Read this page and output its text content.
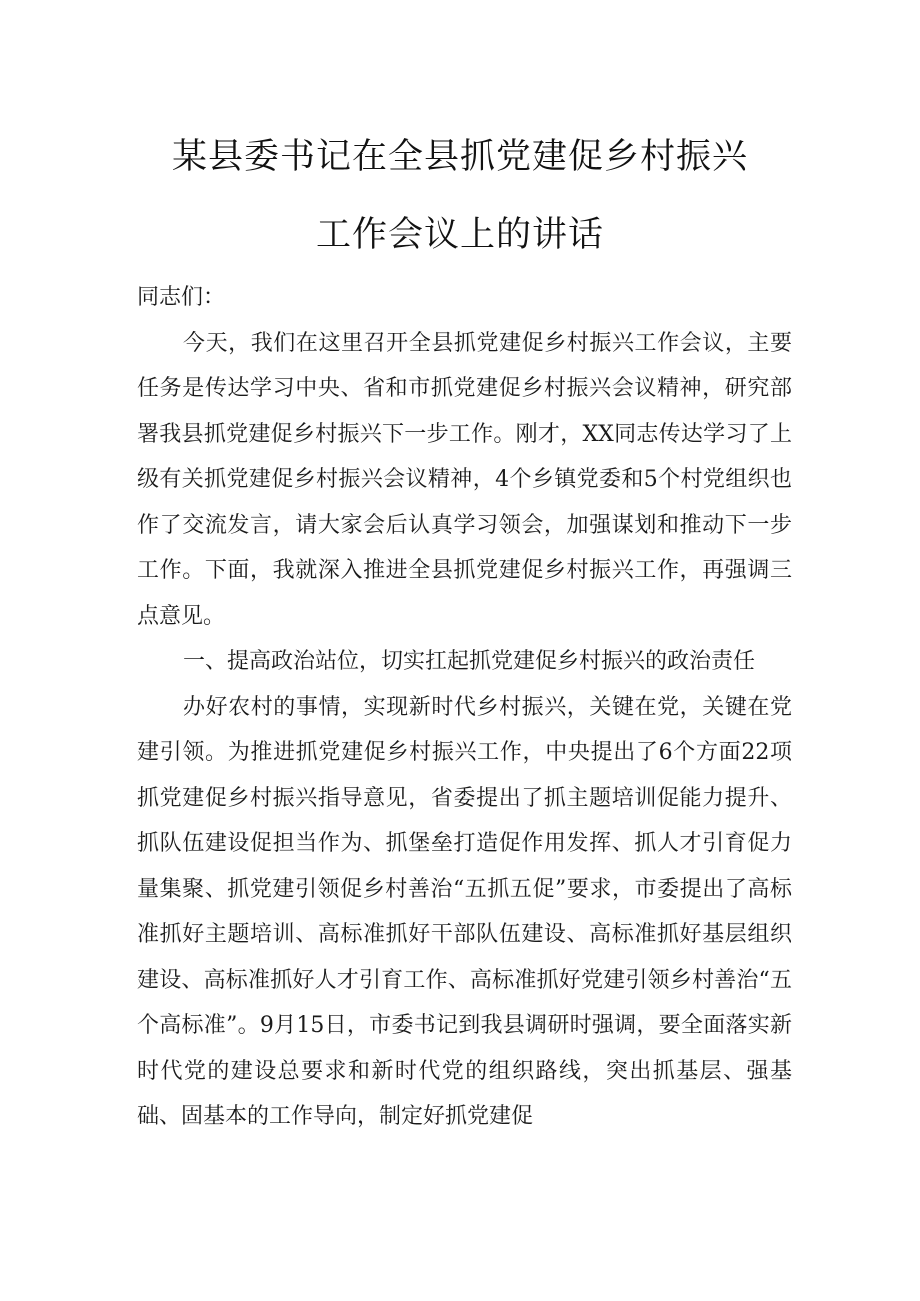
某县委书记在全县抓党建促乡村振兴
工作会议上的讲话

同志们：

今天，我们在这里召开全县抓党建促乡村振兴工作会议，主要任务是传达学习中央、省和市抓党建促乡村振兴会议精神，研究部署我县抓党建促乡村振兴下一步工作。刚才，XX同志传达学习了上级有关抓党建促乡村振兴会议精神，4个乡镇党委和5个村党组织也作了交流发言，请大家会后认真学习领会，加强谋划和推动下一步工作。下面，我就深入推进全县抓党建促乡村振兴工作，再强调三点意见。

一、提高政治站位，切实扛起抓党建促乡村振兴的政治责任

办好农村的事情，实现新时代乡村振兴，关键在党，关键在党建引领。为推进抓党建促乡村振兴工作，中央提出了6个方面22项抓党建促乡村振兴指导意见，省委提出了抓主题培训促能力提升、抓队伍建设促担当作为、抓堡垒打造促作用发挥、抓人才引育促力量集聚、抓党建引领促乡村善治“五抓五促”要求，市委提出了高标准抓好主题培训、高标准抓好干部队伍建设、高标准抓好基层组织建设、高标准抓好人才引育工作、高标准抓好党建引领乡村善治“五个高标准”。9月15日，市委书记到我县调研时强调，要全面落实新时代党的建设总要求和新时代党的组织路线，突出抓基层、强基础、固基本的工作导向，制定好抓党建促
